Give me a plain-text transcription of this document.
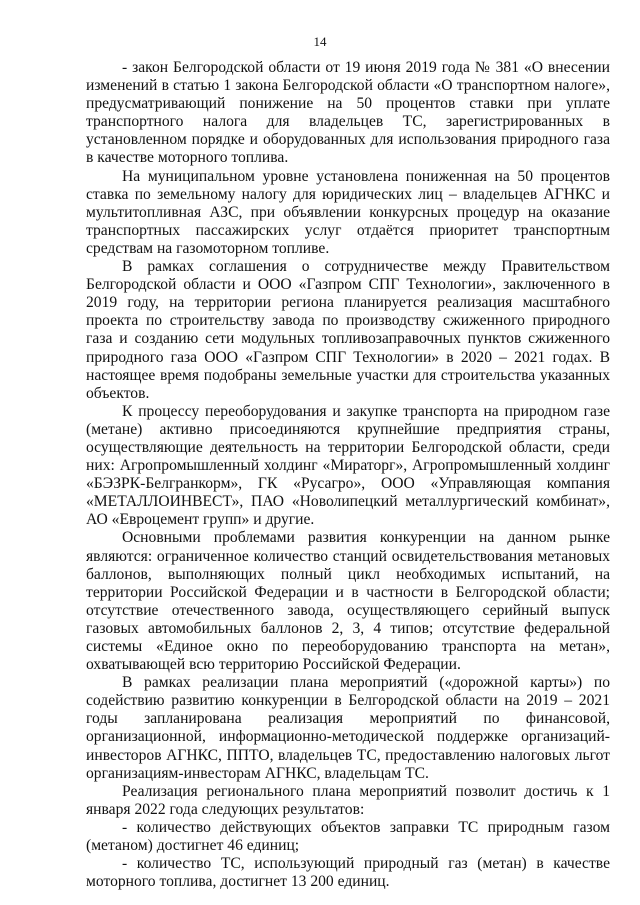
14

- закон Белгородской области от 19 июня 2019 года № 381 «О внесении изменений в статью 1 закона Белгородской области «О транспортном налоге», предусматривающий понижение на 50 процентов ставки при уплате транспортного налога для владельцев ТС, зарегистрированных в установленном порядке и оборудованных для использования природного газа в качестве моторного топлива.

На муниципальном уровне установлена пониженная на 50 процентов ставка по земельному налогу для юридических лиц – владельцев АГНКС и мультитопливная АЗС, при объявлении конкурсных процедур на оказание транспортных пассажирских услуг отдаётся приоритет транспортным средствам на газомоторном топливе.

В рамках соглашения о сотрудничестве между Правительством Белгородской области и ООО «Газпром СПГ Технологии», заключенного в 2019 году, на территории региона планируется реализация масштабного проекта по строительству завода по производству сжиженного природного газа и созданию сети модульных топливозаправочных пунктов сжиженного природного газа ООО «Газпром СПГ Технологии» в 2020 – 2021 годах. В настоящее время подобраны земельные участки для строительства указанных объектов.

К процессу переоборудования и закупке транспорта на природном газе (метане) активно присоединяются крупнейшие предприятия страны, осуществляющие деятельность на территории Белгородской области, среди них: Агропромышленный холдинг «Мираторг», Агропромышленный холдинг «БЭЗРК-Белгранкорм», ГК «Русагро», ООО «Управляющая компания «МЕТАЛЛОИНВЕСТ», ПАО «Новолипецкий металлургический комбинат», АО «Евроцемент групп» и другие.

Основными проблемами развития конкуренции на данном рынке являются: ограниченное количество станций освидетельствования метановых баллонов, выполняющих полный цикл необходимых испытаний, на территории Российской Федерации и в частности в Белгородской области; отсутствие отечественного завода, осуществляющего серийный выпуск газовых автомобильных баллонов 2, 3, 4 типов; отсутствие федеральной системы «Единое окно по переоборудованию транспорта на метан», охватывающей всю территорию Российской Федерации.

В рамках реализации плана мероприятий («дорожной карты») по содействию развитию конкуренции в Белгородской области на 2019 – 2021 годы запланирована реализация мероприятий по финансовой, организационной, информационно-методической поддержке организаций-инвесторов АГНКС, ППТО, владельцев ТС, предоставлению налоговых льгот организациям-инвесторам АГНКС, владельцам ТС.

Реализация регионального плана мероприятий позволит достичь к 1 января 2022 года следующих результатов:

- количество действующих объектов заправки ТС природным газом (метаном) достигнет 46 единиц;

- количество ТС, использующий природный газ (метан) в качестве моторного топлива, достигнет 13 200 единиц.
